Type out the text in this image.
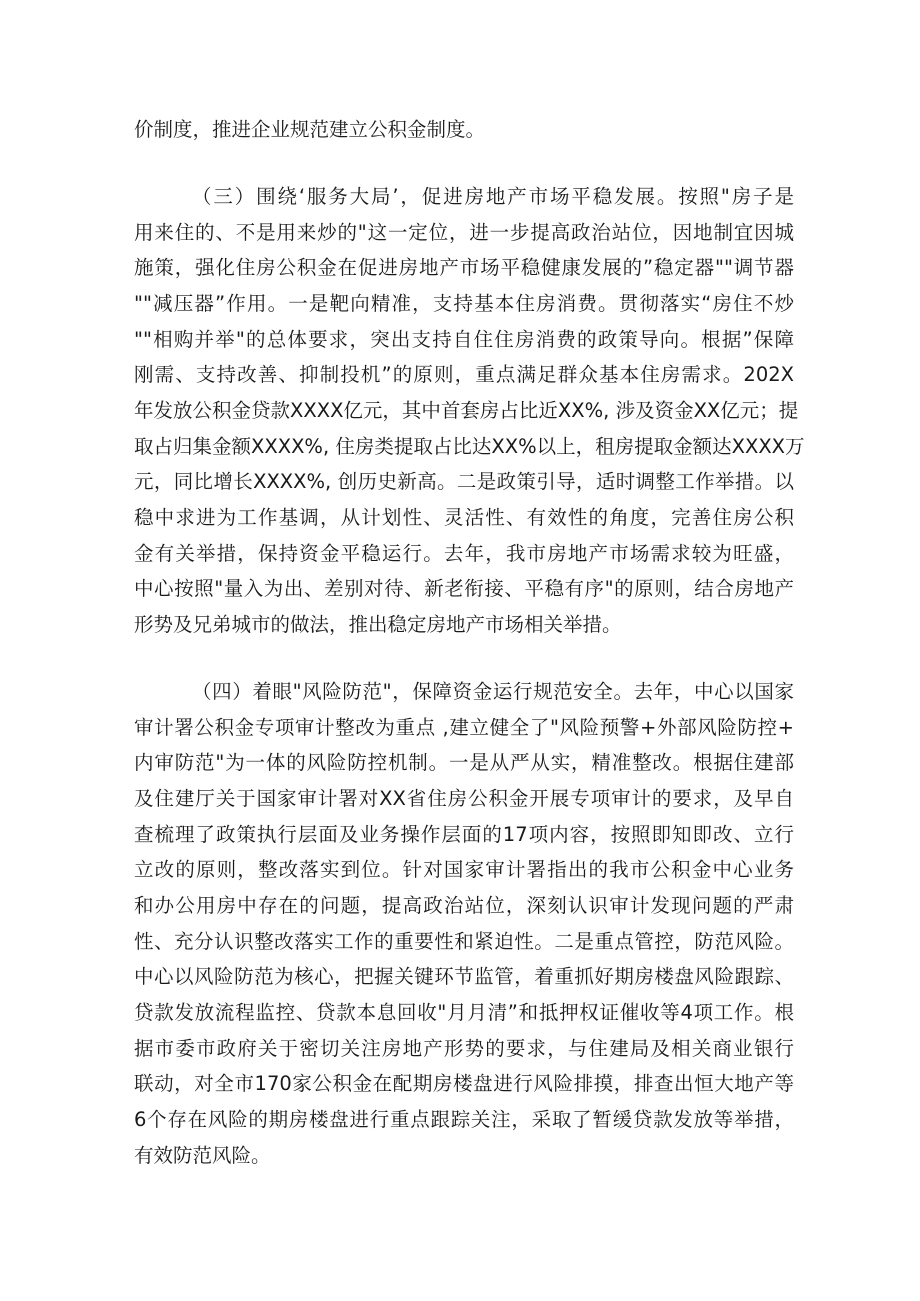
价制度，推进企业规范建立公积金制度。
（三）围绕‘服务大局’，促进房地产市场平稳发展。按照"房子是
用来住的、不是用来炒的"这一定位，进一步提高政治站位，因地制宜因城
施策，强化住房公积金在促进房地产市场平稳健康发展的”稳定器""调节器
""减压器”作用。一是靶向精准，支持基本住房消费。贯彻落实“房住不炒
""相购并举"的总体要求，突出支持自住住房消费的政策导向。根据”保障
刚需、支持改善、抑制投机”的原则，重点满足群众基本住房需求。202X
年发放公积金贷款XXXX亿元，其中首套房占比近XX%, 涉及资金XX亿元；提
取占归集金额XXXX%, 住房类提取占比达XX%以上，租房提取金额达XXXX万
元，同比增长XXXX%, 创历史新高。二是政策引导，适时调整工作举措。以
稳中求进为工作基调，从计划性、灵活性、有效性的角度，完善住房公积
金有关举措，保持资金平稳运行。去年，我市房地产市场需求较为旺盛，
中心按照"量入为出、差别对待、新老衔接、平稳有序"的原则，结合房地产
形势及兄弟城市的做法，推出稳定房地产市场相关举措。
（四）着眼"风险防范"，保障资金运行规范安全。去年，中心以国家
审计署公积金专项审计整改为重点 ,建立健全了"风险预警+外部风险防控+
内审防范"为一体的风险防控机制。一是从严从实，精准整改。根据住建部
及住建厅关于国家审计署对XX省住房公积金开展专项审计的要求，及早自
查梳理了政策执行层面及业务操作层面的17项内容，按照即知即改、立行
立改的原则，整改落实到位。针对国家审计署指出的我市公积金中心业务
和办公用房中存在的问题，提高政治站位，深刻认识审计发现问题的严肃
性、充分认识整改落实工作的重要性和紧迫性。二是重点管控，防范风险。
中心以风险防范为核心，把握关键环节监管，着重抓好期房楼盘风险跟踪、
贷款发放流程监控、贷款本息回收"月月清”和抵押权证催收等4项工作。根
据市委市政府关于密切关注房地产形势的要求，与住建局及相关商业银行
联动，对全市170家公积金在配期房楼盘进行风险排摸，排查出恒大地产等
6个存在风险的期房楼盘进行重点跟踪关注，采取了暂缓贷款发放等举措，
有效防范风险。
